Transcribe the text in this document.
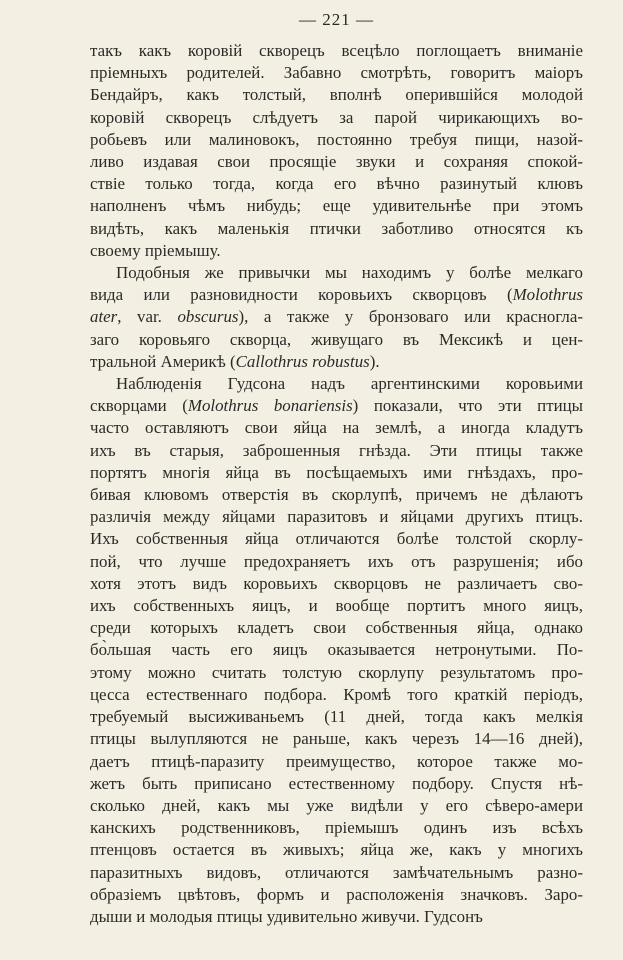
— 221 —
такъ какъ коровій скворецъ всецѣло поглощаетъ вниманіе
пріемныхъ родителей. Забавно смотрѣть, говоритъ маіоръ
Бендайръ, какъ толстый, вполнѣ оперившійся молодой
коровій скворецъ слѣдуетъ за парой чирикающихъ во-
робьевъ или малиновокъ, постоянно требуя пищи, назой-
ливо издавая свои просящіе звуки и сохраняя спокой-
ствіе только тогда, когда его вѣчно разинутый клювъ
наполненъ чѣмъ нибудь; еще удивительнѣе при этомъ
видѣть, какъ маленькія птички заботливо относятся къ
своему пріемышу.
Подобныя же привычки мы находимъ у болѣе мелкаго
вида или разновидности коровьихъ скворцовъ (Molothrus
ater, var. obscurus), а также у бронзоваго или красногла-
заго коровьяго скворца, живущаго въ Мексикѣ и цен-
тральной Америкѣ (Callothrus robustus).
Наблюденія Гудсона надъ аргентинскими коровьими
скворцами (Molothrus bonariensis) показали, что эти птицы
часто оставляютъ свои яйца на землѣ, а иногда кладутъ
ихъ въ старыя, заброшенныя гнѣзда. Эти птицы также
портятъ многія яйца въ посѣщаемыхъ ими гнѣздахъ, про-
бивая клювомъ отверстія въ скорлупѣ, причемъ не дѣлаютъ
различія между яйцами паразитовъ и яйцами другихъ птицъ.
Ихъ собственныя яйца отличаются болѣе толстой скорлу-
пой, что лучше предохраняетъ ихъ отъ разрушенія; ибо
хотя этотъ видъ коровьихъ скворцовъ не различаетъ сво-
ихъ собственныхъ яицъ, и вообще портитъ много яицъ,
среди которыхъ кладетъ свои собственныя яйца, однако
бо̀льшая часть его яицъ оказывается нетронутыми. По-
этому можно считать толстую скорлупу результатомъ про-
цесса естественнаго подбора. Кромѣ того краткій періодъ,
требуемый высиживаньемъ (11 дней, тогда какъ мелкія
птицы вылупляются не раньше, какъ черезъ 14—16 дней),
даетъ птицѣ-паразиту преимущество, которое также мо-
жетъ быть приписано естественному подбору. Спустя нѣ-
сколько дней, какъ мы уже видѣли у его сѣверо-амери
канскихъ родственниковъ, пріемышъ одинъ изъ всѣхъ
птенцовъ остается въ живыхъ; яйца же, какъ у многихъ
паразитныхъ видовъ, отличаются замѣчательнымъ разно-
образіемъ цвѣтовъ, формъ и расположенія значковъ. Заро-
дыши и молодыя птицы удивительно живучи. Гудсонъ
